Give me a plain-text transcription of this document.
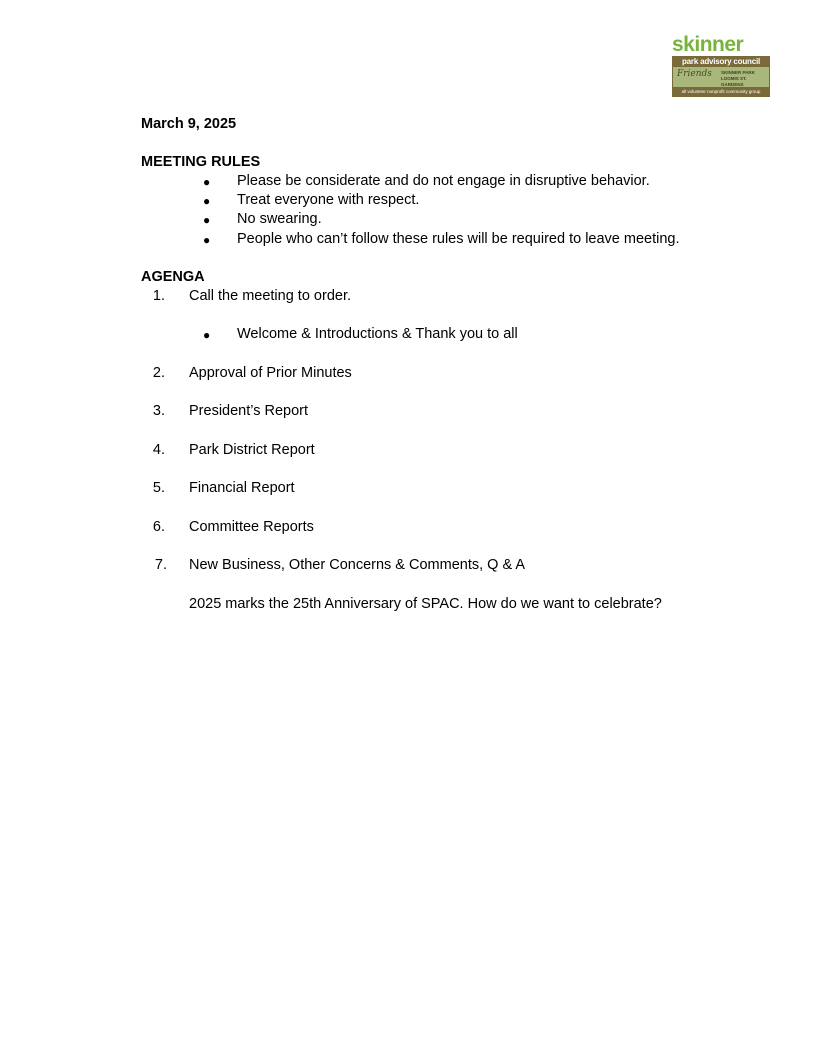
skinner
park advisory council
Friends SKINNER PARK LOOMIS ST. GARDENS
all volunteer nonprofit community group
March 9, 2025
MEETING RULES
● Please be considerate and do not engage in disruptive behavior.
● Treat everyone with respect.
● No swearing.
● People who can’t follow these rules will be required to leave meeting.
AGENGA
1. Call the meeting to order.
● Welcome & Introductions & Thank you to all
2. Approval of Prior Minutes
3. President’s Report
4. Park District Report
5. Financial Report
6. Committee Reports
7. New Business, Other Concerns & Comments, Q & A
2025 marks the 25th Anniversary of SPAC. How do we want to celebrate?
